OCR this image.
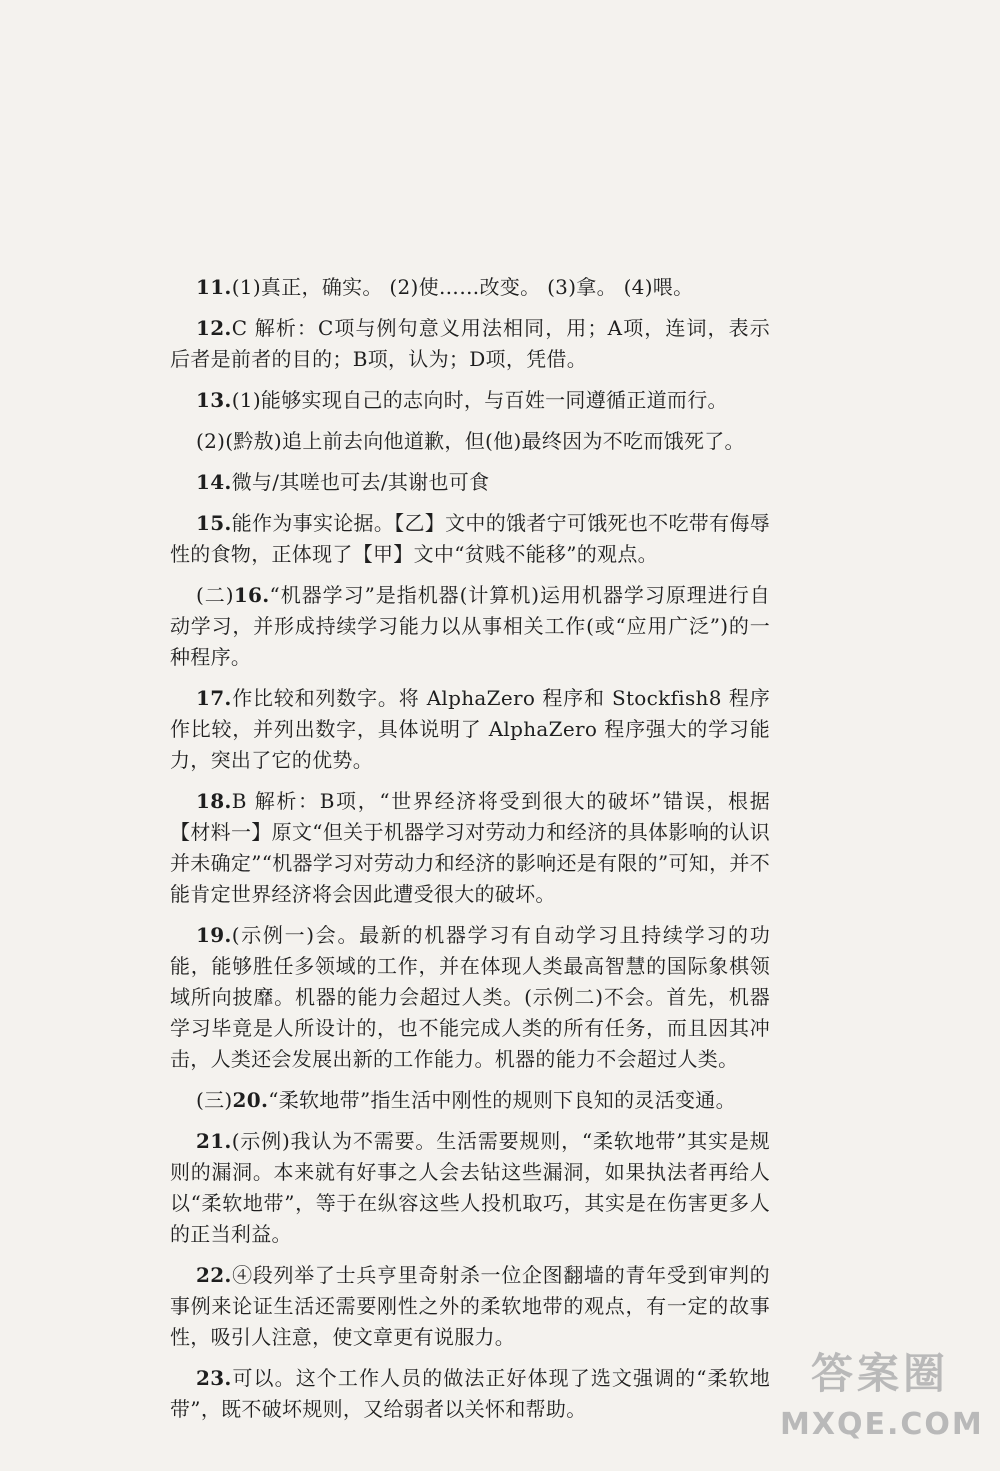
11.(1)真正，确实。 (2)使……改变。 (3)拿。 (4)喂。

12.C 解析：C项与例句意义用法相同，用；A项，连词，表示后者是前者的目的；B项，认为；D项，凭借。

13.(1)能够实现自己的志向时，与百姓一同遵循正道而行。

(2)(黔敖)追上前去向他道歉，但(他)最终因为不吃而饿死了。

14.微与/其嗟也可去/其谢也可食

15.能作为事实论据。【乙】文中的饿者宁可饿死也不吃带有侮辱性的食物，正体现了【甲】文中“贫贱不能移”的观点。

(二)16.“机器学习”是指机器(计算机)运用机器学习原理进行自动学习，并形成持续学习能力以从事相关工作(或“应用广泛”)的一种程序。

17.作比较和列数字。将 AlphaZero 程序和 Stockfish8 程序作比较，并列出数字，具体说明了 AlphaZero 程序强大的学习能力，突出了它的优势。

18.B 解析：B项，“世界经济将受到很大的破坏”错误，根据【材料一】原文“但关于机器学习对劳动力和经济的具体影响的认识并未确定”“机器学习对劳动力和经济的影响还是有限的”可知，并不能肯定世界经济将会因此遭受很大的破坏。

19.(示例一)会。最新的机器学习有自动学习且持续学习的功能，能够胜任多领域的工作，并在体现人类最高智慧的国际象棋领域所向披靡。机器的能力会超过人类。(示例二)不会。首先，机器学习毕竟是人所设计的，也不能完成人类的所有任务，而且因其冲击，人类还会发展出新的工作能力。机器的能力不会超过人类。

(三)20.“柔软地带”指生活中刚性的规则下良知的灵活变通。

21.(示例)我认为不需要。生活需要规则，“柔软地带”其实是规则的漏洞。本来就有好事之人会去钻这些漏洞，如果执法者再给人以“柔软地带”，等于在纵容这些人投机取巧，其实是在伤害更多人的正当利益。

22.④段列举了士兵亨里奇射杀一位企图翻墙的青年受到审判的事例来论证生活还需要刚性之外的柔软地带的观点，有一定的故事性，吸引人注意，使文章更有说服力。

23.可以。这个工作人员的做法正好体现了选文强调的“柔软地带”，既不破坏规则，又给弱者以关怀和帮助。

答案圈
MXQE.COM
